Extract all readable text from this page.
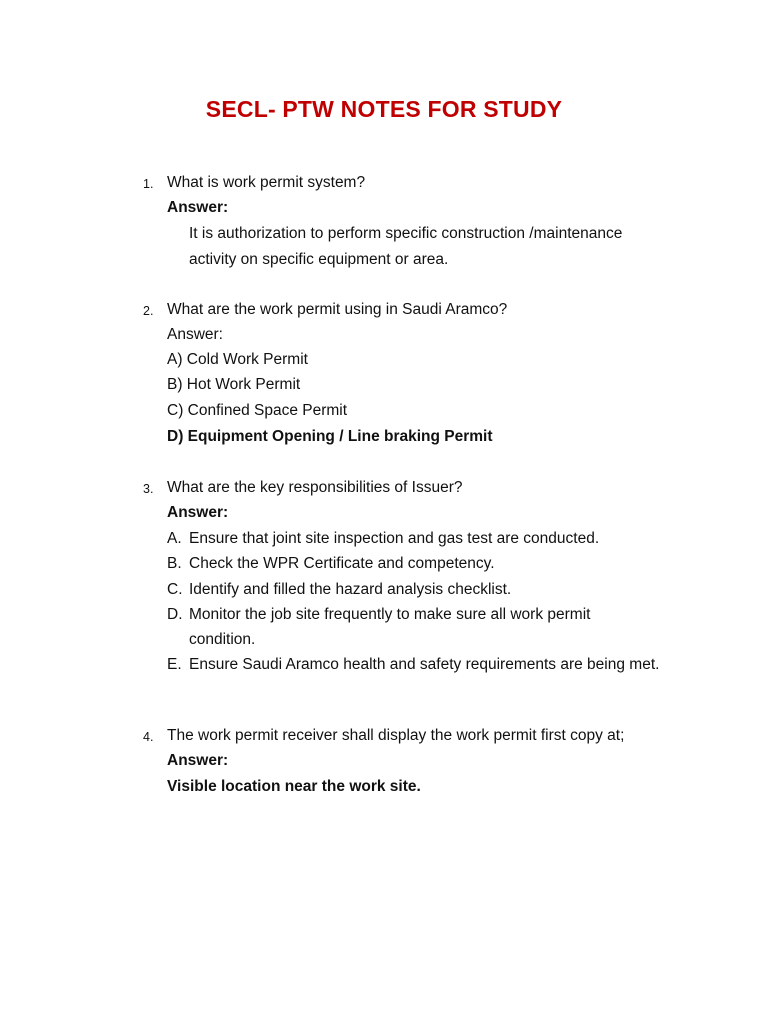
SECL- PTW NOTES FOR STUDY
1. What is work permit system?
Answer:
It is authorization to perform specific construction /maintenance
activity on specific equipment or area.
2. What are the work permit using in Saudi Aramco?
Answer:
A) Cold Work Permit
B) Hot Work Permit
C) Confined Space Permit
D) Equipment Opening / Line braking Permit
3. What are the key responsibilities of Issuer?
Answer:
A. Ensure that joint site inspection and gas test are conducted.
B. Check the WPR Certificate and competency.
C. Identify and filled the hazard analysis checklist.
D. Monitor the job site frequently to make sure all work permit
condition.
E. Ensure Saudi Aramco health and safety requirements are being met.
4. The work permit receiver shall display the work permit first copy at;
Answer:
Visible location near the work site.
